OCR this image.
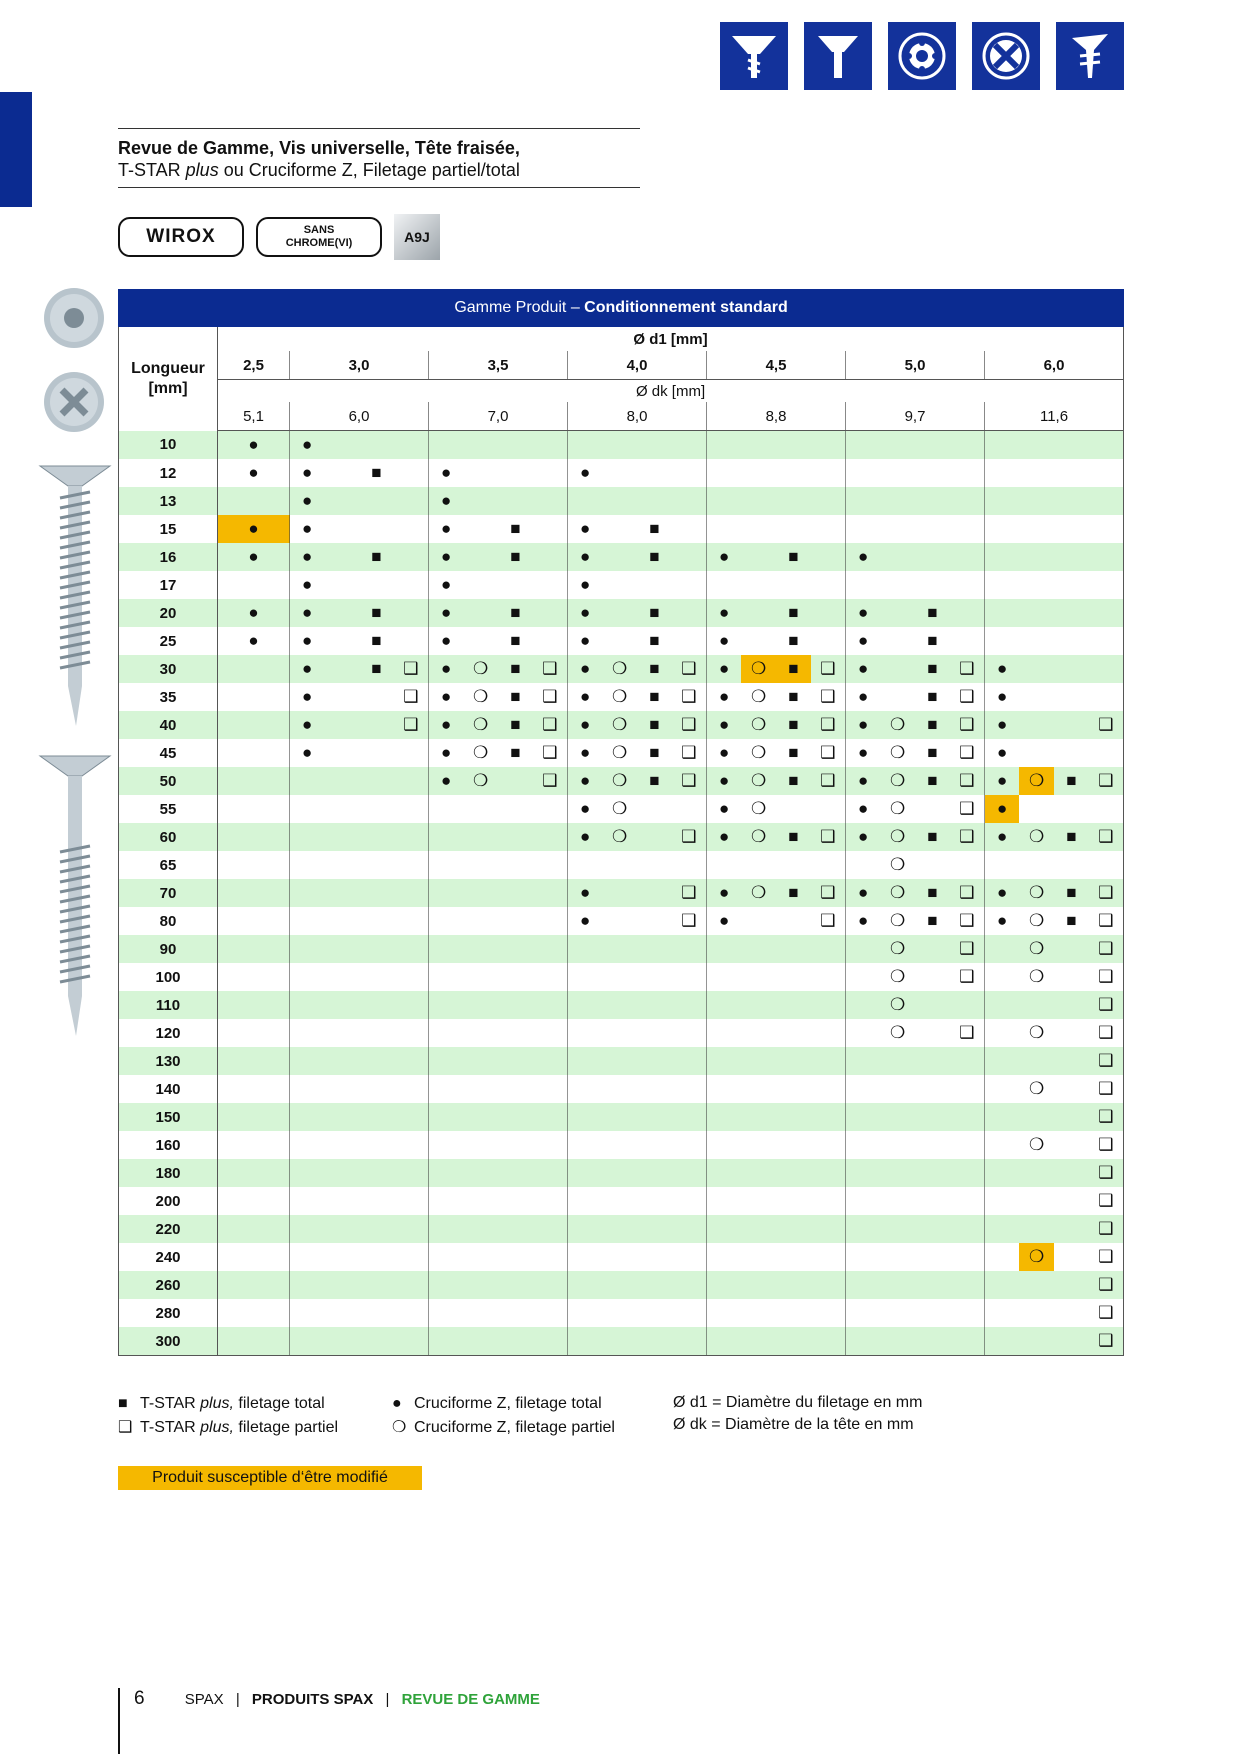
Revue de Gamme, Vis universelle, Tête fraisée,
T-STAR plus ou Cruciforme Z, Filetage partiel/total
WIROX	SANS
CHROME(VI)	A9J
Gamme Produit – Conditionnement standard																									

Longueur
[mm]	Ø d1 [mm]																								
	2,5	3,0				3,5				4,0				4,5				5,0				6,0			
	Ø dk [mm]																								
	5,1	6,0				7,0				8,0				8,8				9,7				11,6			
10	●	●																							
12	●	●		■		●				●															
13		●				●																			
15	●	●				●		■		●		■													
16	●	●		■		●		■		●		■		●		■		●							
17		●				●				●															
20	●	●		■		●		■		●		■		●		■		●		■					
25	●	●		■		●		■		●		■		●		■		●		■					
30		●		■	❑	●	❍	■	❑	●	❍	■	❑	●	❍	■	❑	●		■	❑	●			
35		●			❑	●	❍	■	❑	●	❍	■	❑	●	❍	■	❑	●		■	❑	●			
40		●			❑	●	❍	■	❑	●	❍	■	❑	●	❍	■	❑	●	❍	■	❑	●			❑
45		●				●	❍	■	❑	●	❍	■	❑	●	❍	■	❑	●	❍	■	❑	●			
50						●	❍		❑	●	❍	■	❑	●	❍	■	❑	●	❍	■	❑	●	❍	■	❑
55										●	❍			●	❍			●	❍		❑	●			
60										●	❍		❑	●	❍	■	❑	●	❍	■	❑	●	❍	■	❑
65																			❍						
70										●			❑	●	❍	■	❑	●	❍	■	❑	●	❍	■	❑
80										●			❑	●			❑	●	❍	■	❑	●	❍	■	❑
90																			❍		❑		❍		❑
100																			❍		❑		❍		❑
110																			❍						❑
120																			❍		❑		❍		❑
130																									❑
140																							❍		❑
150																									❑
160																							❍		❑
180																									❑
200																									❑
220																									❑
240																							❍		❑
260																									❑
280																									❑
300																									❑
■ T-STAR plus, filetage total
❑ T-STAR plus, filetage partiel
● Cruciforme Z, filetage total
❍ Cruciforme Z, filetage partiel
Ø d1 = Diamètre du filetage en mm
Ø dk = Diamètre de la tête en mm
Produit susceptible d‘être modifié
6	SPAX | PRODUITS SPAX | REVUE DE GAMME
